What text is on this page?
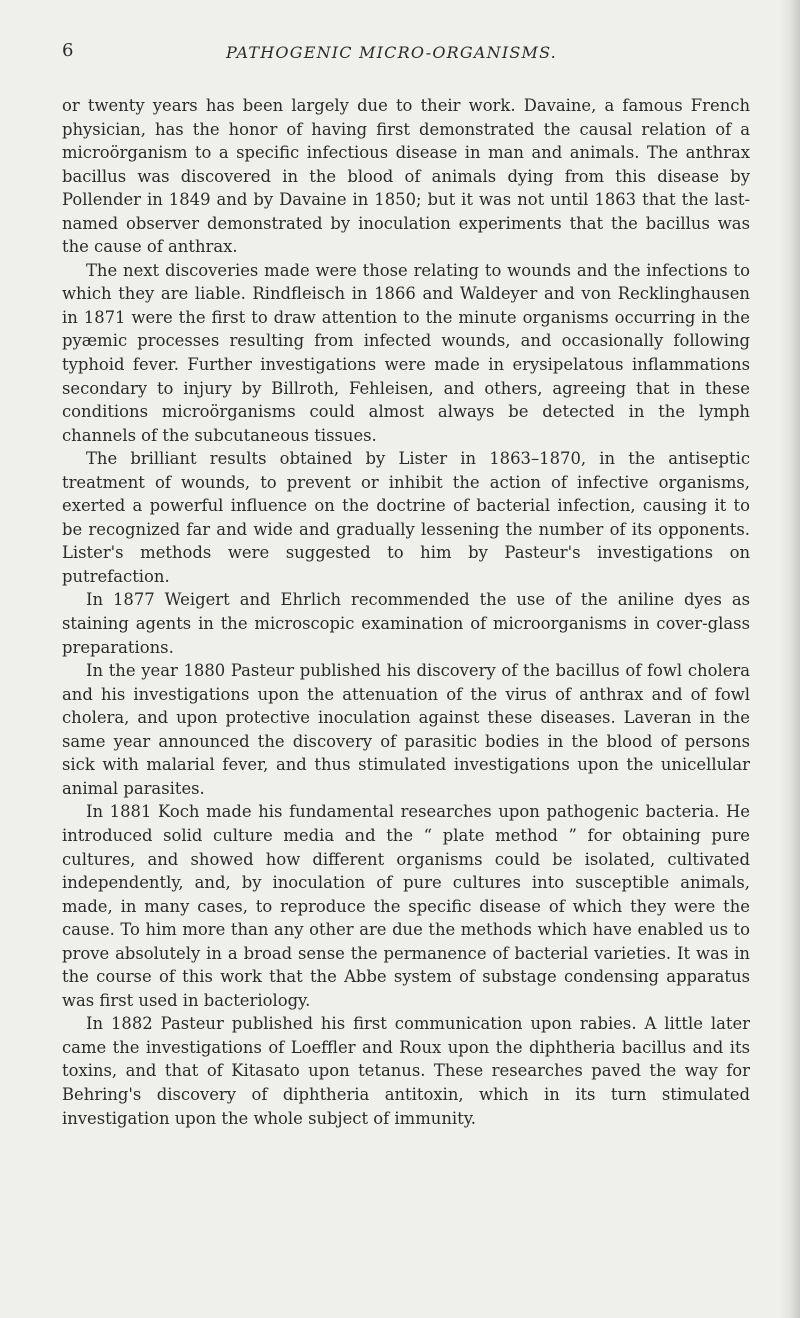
6	PATHOGENIC MICRO-ORGANISMS.

or twenty years has been largely due to their work. Davaine, a famous French physician, has the honor of having first demonstrated the causal relation of a microörganism to a specific infectious disease in man and animals. The anthrax bacillus was discovered in the blood of animals dying from this disease by Pollender in 1849 and by Davaine in 1850; but it was not until 1863 that the last-named observer demonstrated by inoculation experiments that the bacillus was the cause of anthrax.

The next discoveries made were those relating to wounds and the infections to which they are liable. Rindfleisch in 1866 and Waldeyer and von Recklinghausen in 1871 were the first to draw attention to the minute organisms occurring in the pyæmic processes resulting from infected wounds, and occasionally following typhoid fever. Further investigations were made in erysipelatous inflammations secondary to injury by Billroth, Fehleisen, and others, agreeing that in these conditions microörganisms could almost always be detected in the lymph channels of the subcutaneous tissues.

The brilliant results obtained by Lister in 1863–1870, in the antiseptic treatment of wounds, to prevent or inhibit the action of infective organisms, exerted a powerful influence on the doctrine of bacterial infection, causing it to be recognized far and wide and gradually lessening the number of its opponents. Lister's methods were suggested to him by Pasteur's investigations on putrefaction.

In 1877 Weigert and Ehrlich recommended the use of the aniline dyes as staining agents in the microscopic examination of microorganisms in cover-glass preparations.

In the year 1880 Pasteur published his discovery of the bacillus of fowl cholera and his investigations upon the attenuation of the virus of anthrax and of fowl cholera, and upon protective inoculation against these diseases. Laveran in the same year announced the discovery of parasitic bodies in the blood of persons sick with malarial fever, and thus stimulated investigations upon the unicellular animal parasites.

In 1881 Koch made his fundamental researches upon pathogenic bacteria. He introduced solid culture media and the “ plate method ” for obtaining pure cultures, and showed how different organisms could be isolated, cultivated independently, and, by inoculation of pure cultures into susceptible animals, made, in many cases, to reproduce the specific disease of which they were the cause. To him more than any other are due the methods which have enabled us to prove absolutely in a broad sense the permanence of bacterial varieties. It was in the course of this work that the Abbe system of substage condensing apparatus was first used in bacteriology.

In 1882 Pasteur published his first communication upon rabies. A little later came the investigations of Loeffler and Roux upon the diphtheria bacillus and its toxins, and that of Kitasato upon tetanus. These researches paved the way for Behring's discovery of diphtheria antitoxin, which in its turn stimulated investigation upon the whole subject of immunity.
